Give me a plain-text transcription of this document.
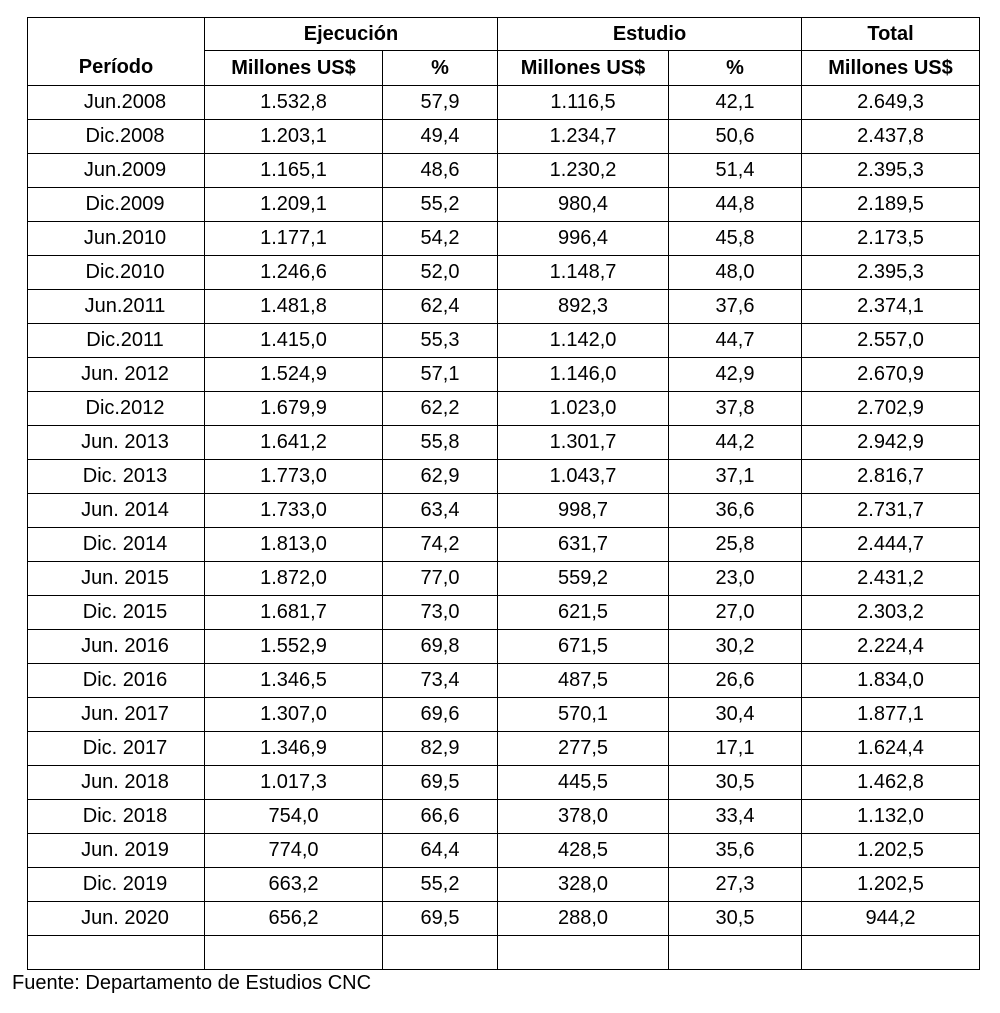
	Ejecución		Estudio		Total
Período	Millones US$	%	Millones US$	%	Millones US$
Jun.2008	1.532,8	57,9	1.116,5	42,1	2.649,3
Dic.2008	1.203,1	49,4	1.234,7	50,6	2.437,8
Jun.2009	1.165,1	48,6	1.230,2	51,4	2.395,3
Dic.2009	1.209,1	55,2	980,4	44,8	2.189,5
Jun.2010	1.177,1	54,2	996,4	45,8	2.173,5
Dic.2010	1.246,6	52,0	1.148,7	48,0	2.395,3
Jun.2011	1.481,8	62,4	892,3	37,6	2.374,1
Dic.2011	1.415,0	55,3	1.142,0	44,7	2.557,0
Jun. 2012	1.524,9	57,1	1.146,0	42,9	2.670,9
Dic.2012	1.679,9	62,2	1.023,0	37,8	2.702,9
Jun. 2013	1.641,2	55,8	1.301,7	44,2	2.942,9
Dic. 2013	1.773,0	62,9	1.043,7	37,1	2.816,7
Jun. 2014	1.733,0	63,4	998,7	36,6	2.731,7
Dic. 2014	1.813,0	74,2	631,7	25,8	2.444,7
Jun. 2015	1.872,0	77,0	559,2	23,0	2.431,2
Dic. 2015	1.681,7	73,0	621,5	27,0	2.303,2
Jun. 2016	1.552,9	69,8	671,5	30,2	2.224,4
Dic. 2016	1.346,5	73,4	487,5	26,6	1.834,0
Jun. 2017	1.307,0	69,6	570,1	30,4	1.877,1
Dic. 2017	1.346,9	82,9	277,5	17,1	1.624,4
Jun. 2018	1.017,3	69,5	445,5	30,5	1.462,8
Dic. 2018	754,0	66,6	378,0	33,4	1.132,0
Jun. 2019	774,0	64,4	428,5	35,6	1.202,5
Dic. 2019	663,2	55,2	328,0	27,3	1.202,5
Jun. 2020	656,2	69,5	288,0	30,5	944,2

Fuente: Departamento de Estudios CNC
